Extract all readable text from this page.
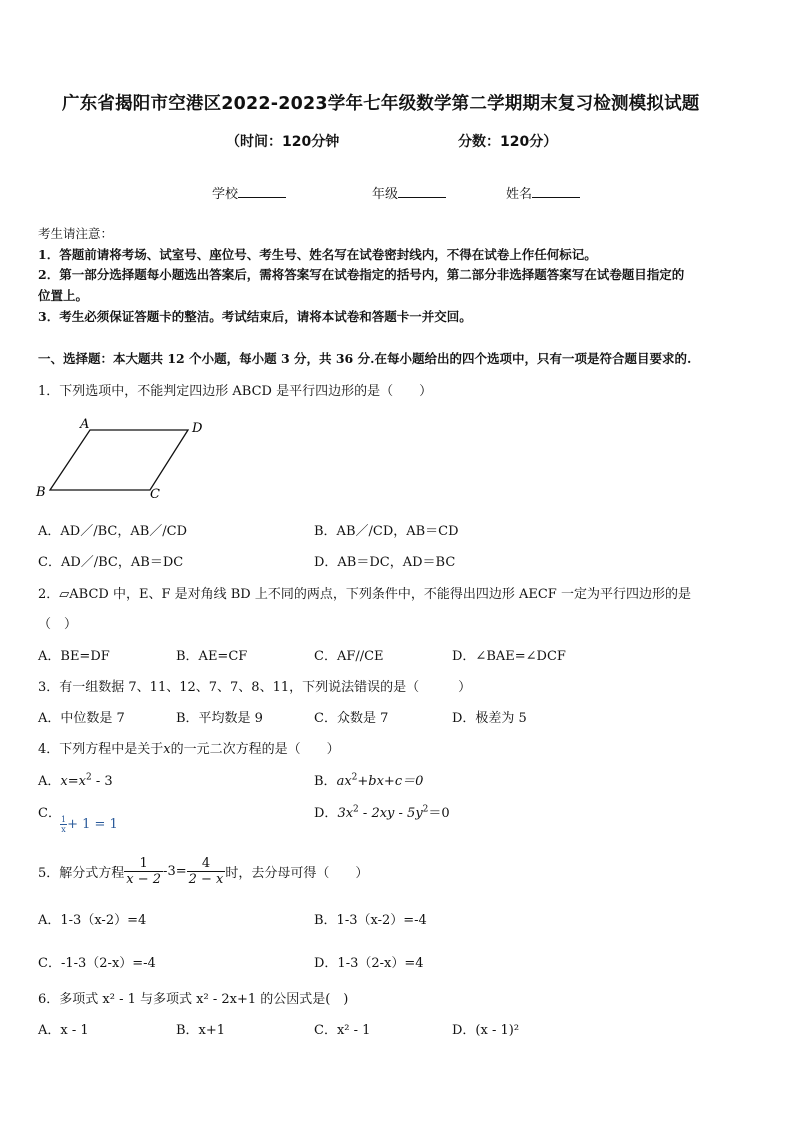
广东省揭阳市空港区2022-2023学年七年级数学第二学期期末复习检测模拟试题
（时间：120分钟	分数：120分）
学校	年级	姓名
考生请注意：
1．答题前请将考场、试室号、座位号、考生号、姓名写在试卷密封线内，不得在试卷上作任何标记。
2．第一部分选择题每小题选出答案后，需将答案写在试卷指定的括号内，第二部分非选择题答案写在试卷题目指定的
位置上。
3．考生必须保证答题卡的整洁。考试结束后，请将本试卷和答题卡一并交回。
一、选择题：本大题共 12 个小题，每小题 3 分，共 36 分.在每小题给出的四个选项中，只有一项是符合题目要求的.
1．下列选项中，不能判定四边形 ABCD 是平行四边形的是（　　）
A	D
B	C
A．AD／/BC，AB／/CD	B．AB／/CD，AB＝CD
C．AD／/BC，AB＝DC	D．AB＝DC，AD＝BC
2．▱ABCD 中，E、F 是对角线 BD 上不同的两点，下列条件中，不能得出四边形 AECF 一定为平行四边形的是
（　）
A．BE=DF	B．AE=CF	C．AF//CE	D．∠BAE=∠DCF
3．有一组数据 7、11、12、7、7、8、11，下列说法错误的是（　　　）
A．中位数是 7	B．平均数是 9	C．众数是 7	D．极差为 5
4．下列方程中是关于x的一元二次方程的是（　　）
A．$x=x^2 - 3$	B．$ax^2+bx+c=0$
C．
$\frac{1}{x} + 1 = 1$
D．$3x^2 - 2xy - 5y^2=0$
5．解分式方程 $\frac{1}{x - 2} -3= \frac{4}{2 - x}$ 时，去分母可得（　　）
A．1-3（x-2）=4	B．1-3（x-2）=-4
C．-1-3（2-x）=-4	D．1-3（2-x）=4
6．多项式 x² - 1 与多项式 x² - 2x+1 的公因式是(　)
A．x - 1	B．x+1	C．x² - 1	D．(x - 1)²
